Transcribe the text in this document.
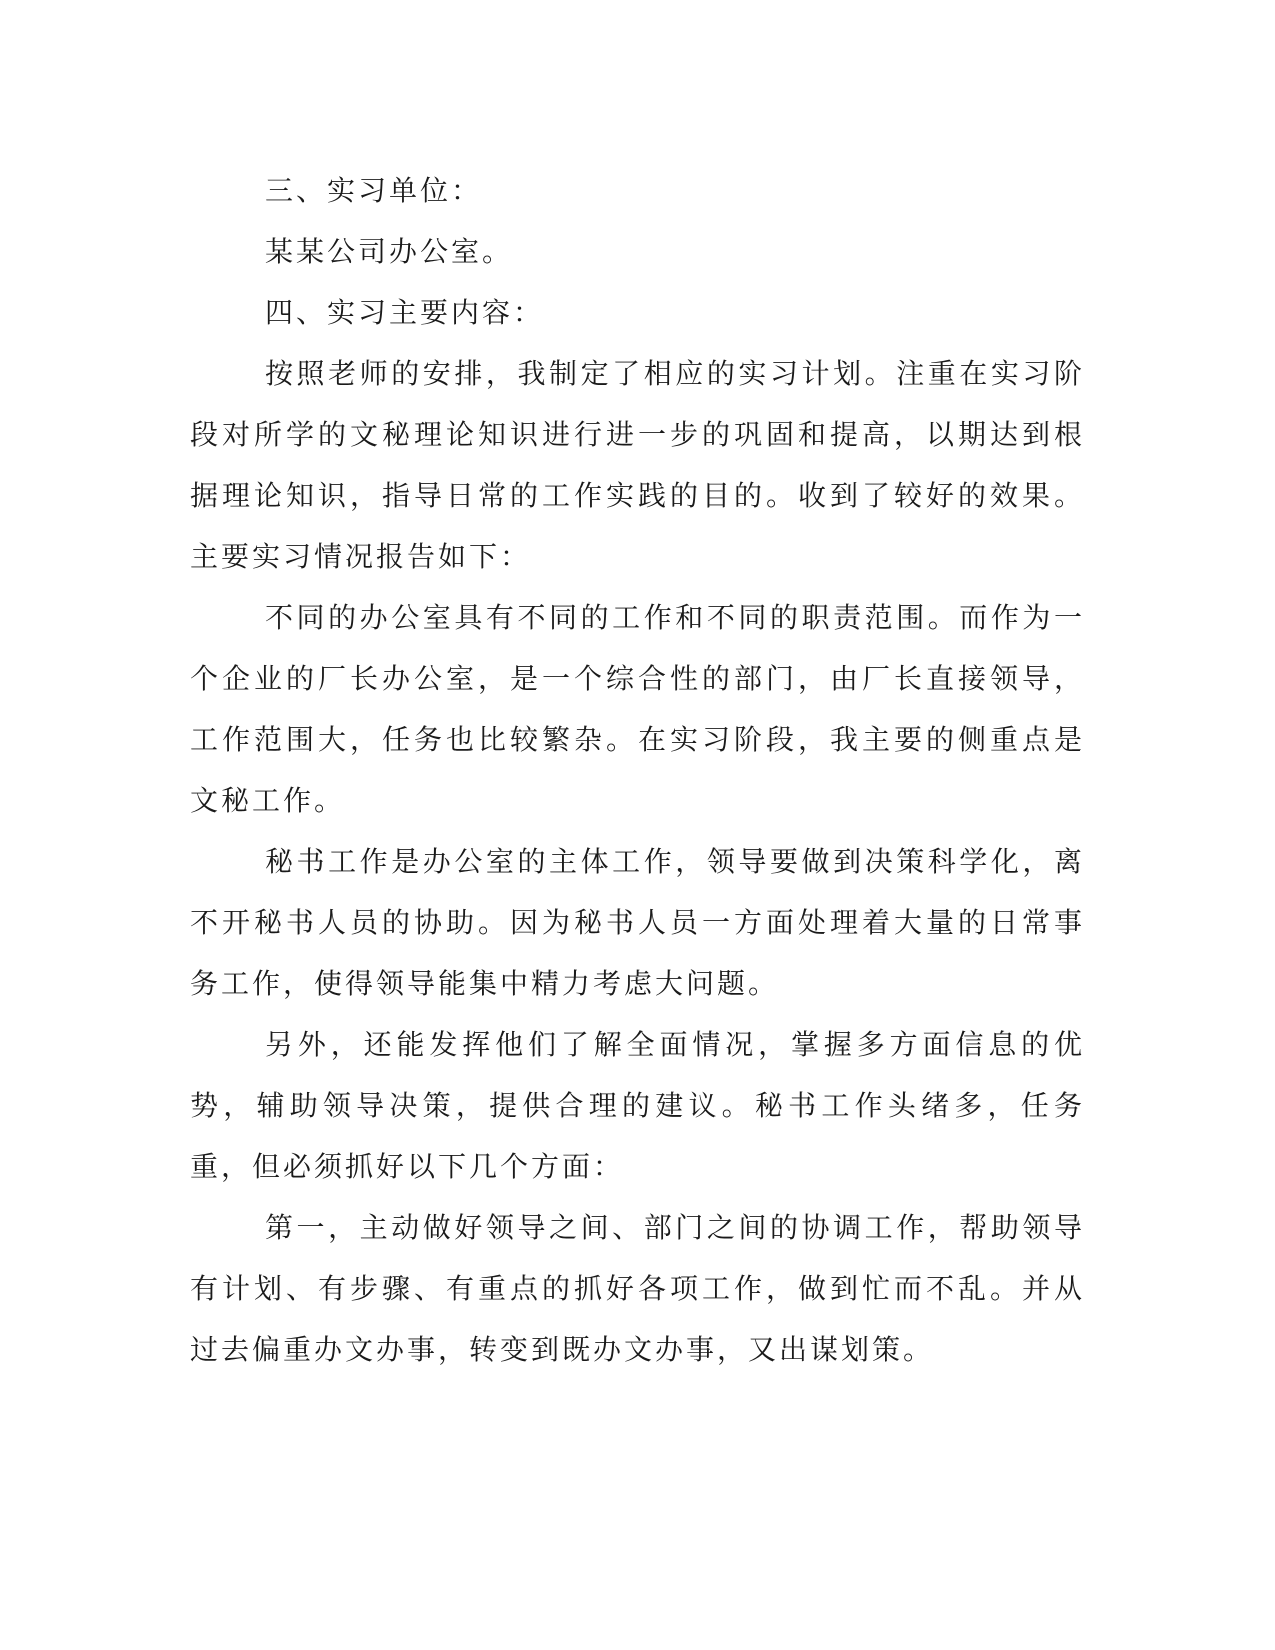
三、实习单位：

某某公司办公室。

四、实习主要内容：

按照老师的安排，我制定了相应的实习计划。注重在实习阶段对所学的文秘理论知识进行进一步的巩固和提高，以期达到根据理论知识，指导日常的工作实践的目的。收到了较好的效果。主要实习情况报告如下：

不同的办公室具有不同的工作和不同的职责范围。而作为一个企业的厂长办公室，是一个综合性的部门，由厂长直接领导，工作范围大，任务也比较繁杂。在实习阶段，我主要的侧重点是文秘工作。

秘书工作是办公室的主体工作，领导要做到决策科学化，离不开秘书人员的协助。因为秘书人员一方面处理着大量的日常事务工作，使得领导能集中精力考虑大问题。

另外，还能发挥他们了解全面情况，掌握多方面信息的优势，辅助领导决策，提供合理的建议。秘书工作头绪多，任务重，但必须抓好以下几个方面：

第一，主动做好领导之间、部门之间的协调工作，帮助领导有计划、有步骤、有重点的抓好各项工作，做到忙而不乱。并从过去偏重办文办事，转变到既办文办事，又出谋划策。
